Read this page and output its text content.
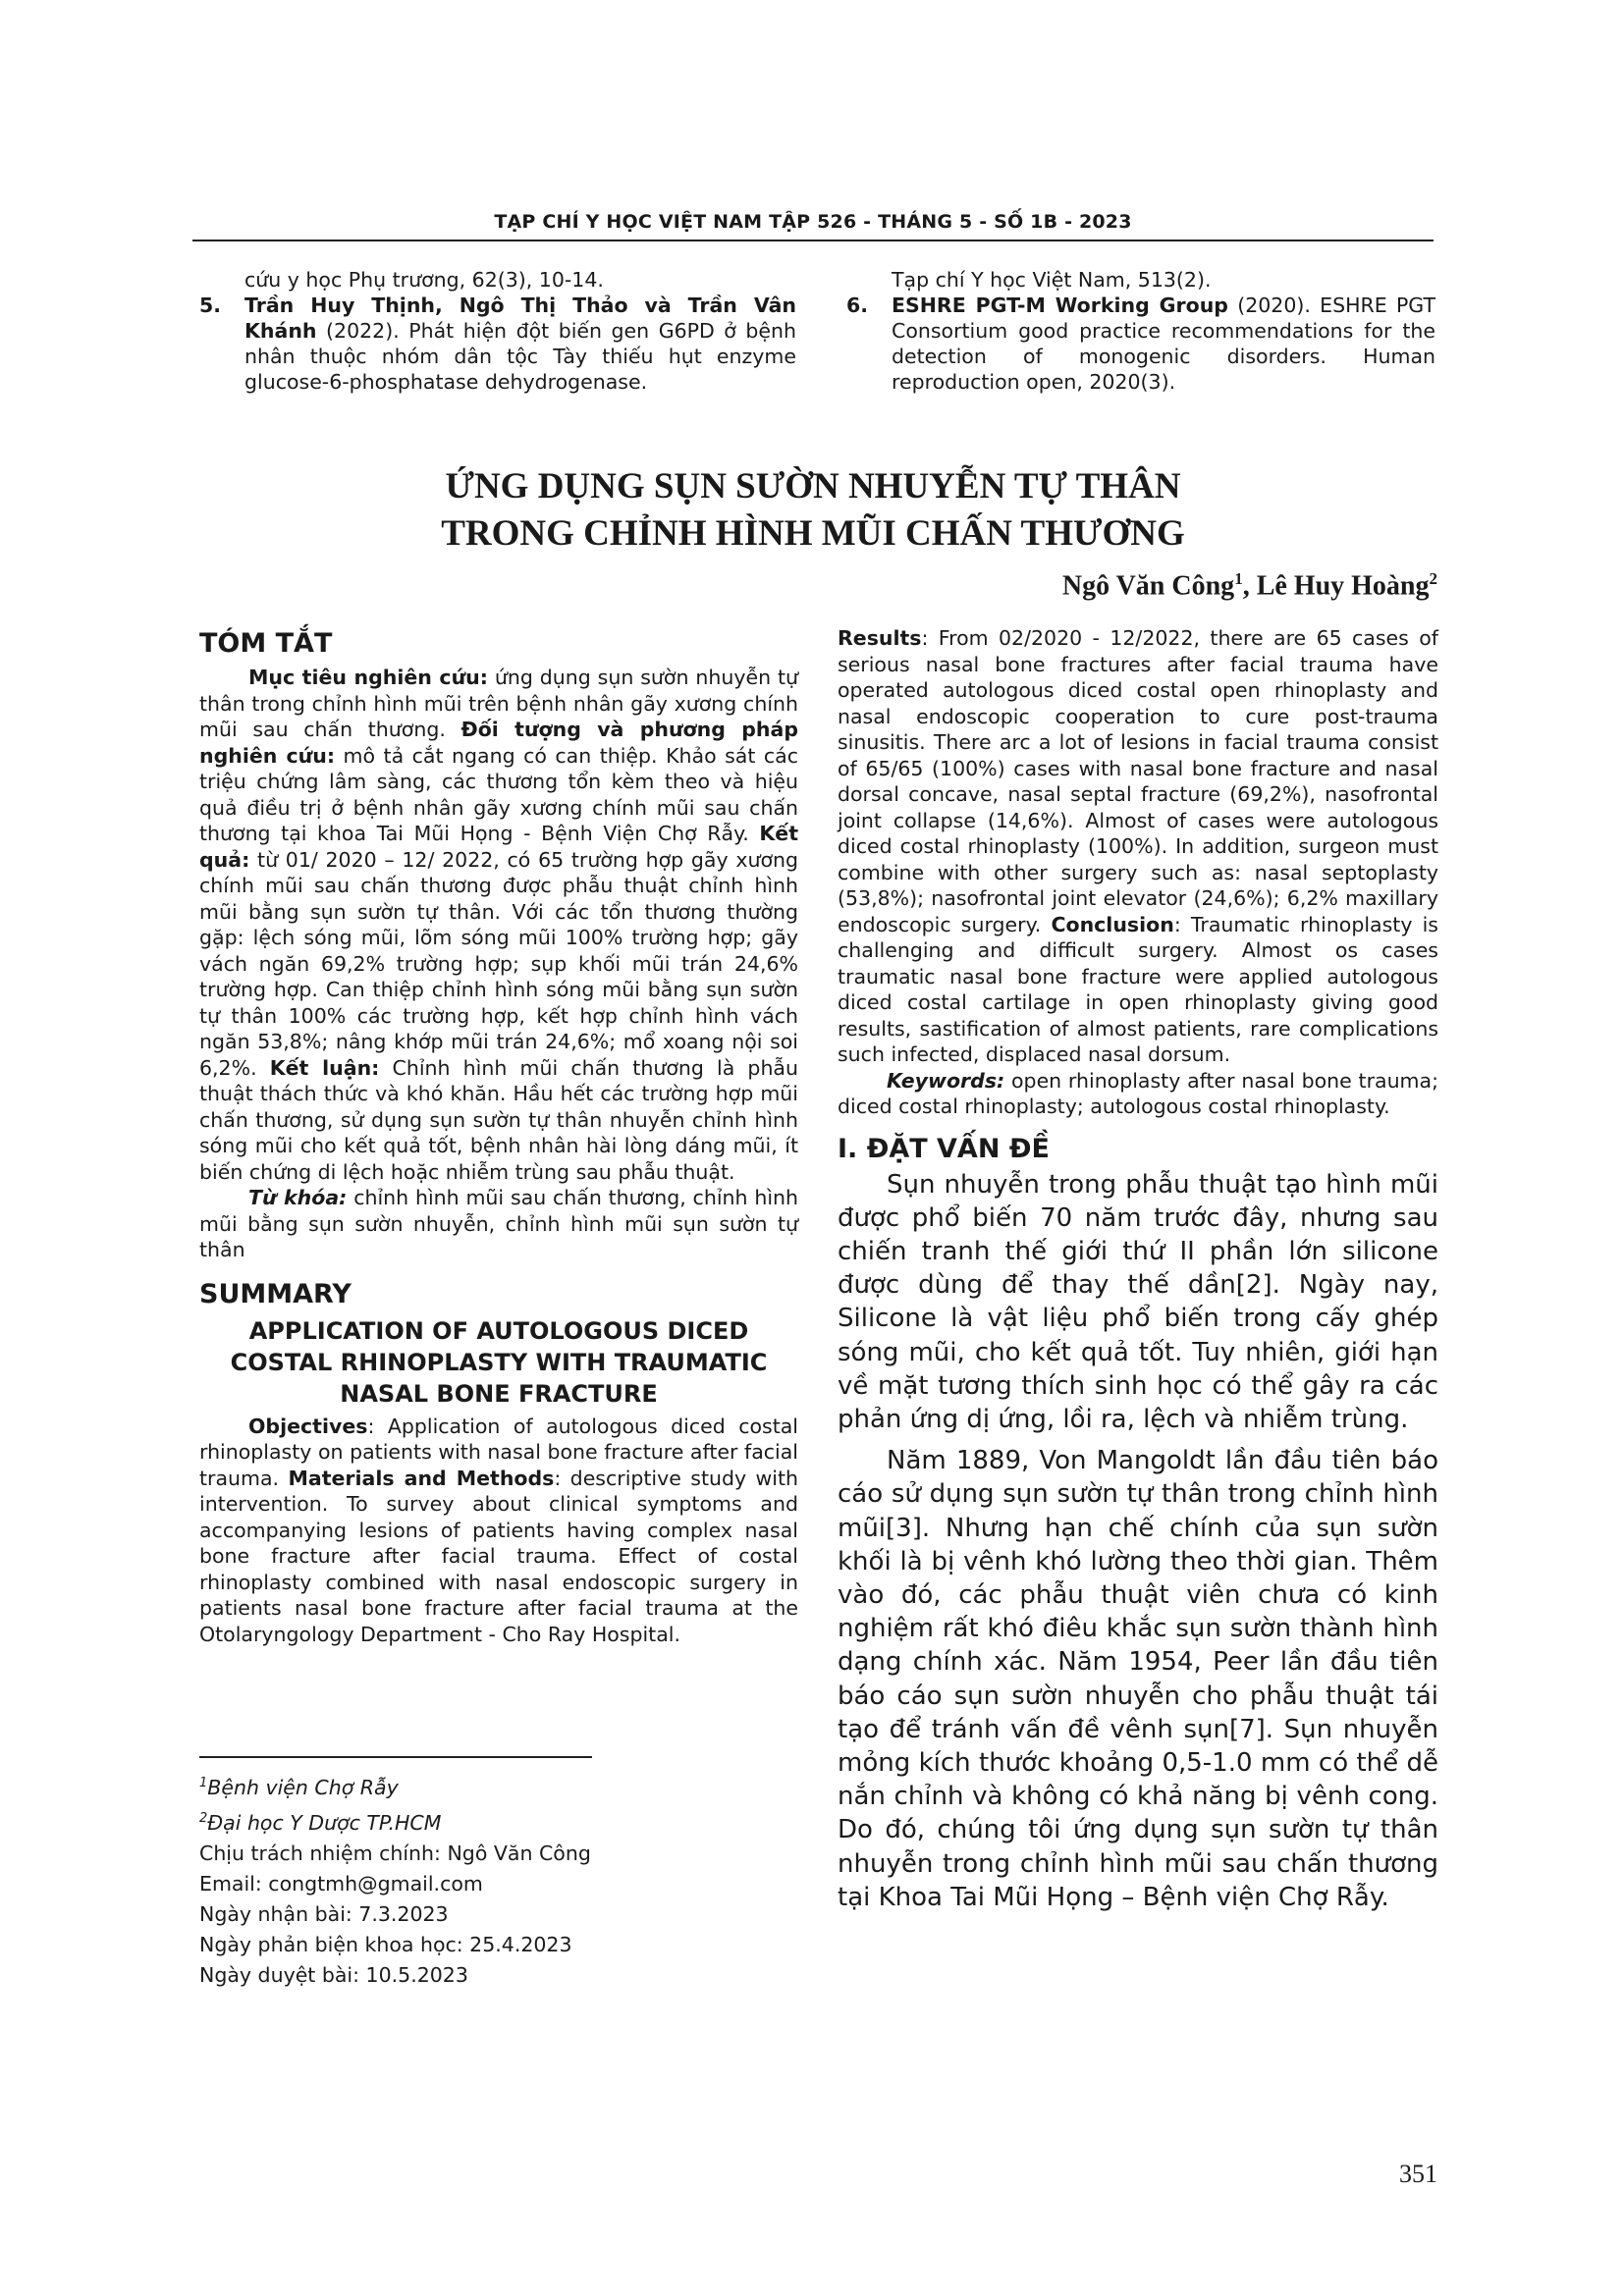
TẠP CHÍ Y HỌC VIỆT NAM TẬP 526 - THÁNG 5 - SỐ 1B - 2023
cứu y học Phụ trương, 62(3), 10-14.
5. Trần Huy Thịnh, Ngô Thị Thảo và Trần Vân Khánh (2022). Phát hiện đột biến gen G6PD ở bệnh nhân thuộc nhóm dân tộc Tày thiếu hụt enzyme glucose-6-phosphatase dehydrogenase.
Tạp chí Y học Việt Nam, 513(2).
6. ESHRE PGT-M Working Group (2020). ESHRE PGT Consortium good practice recommendations for the detection of monogenic disorders. Human reproduction open, 2020(3).
ỨNG DỤNG SỤN SƯỜN NHUYỄN TỰ THÂN
TRONG CHỈNH HÌNH MŨI CHẤN THƯƠNG
Ngô Văn Công$^1$, Lê Huy Hoàng$^2$
TÓM TẮT

Mục tiêu nghiên cứu: ứng dụng sụn sườn nhuyễn tự thân trong chỉnh hình mũi trên bệnh nhân gãy xương chính mũi sau chấn thương. Đối tượng và phương pháp nghiên cứu: mô tả cắt ngang có can thiệp. Khảo sát các triệu chứng lâm sàng, các thương tổn kèm theo và hiệu quả điều trị ở bệnh nhân gãy xương chính mũi sau chấn thương tại khoa Tai Mũi Họng - Bệnh Viện Chợ Rẫy. Kết quả: từ 01/ 2020 – 12/ 2022, có 65 trường hợp gãy xương chính mũi sau chấn thương được phẫu thuật chỉnh hình mũi bằng sụn sườn tự thân. Với các tổn thương thường gặp: lệch sóng mũi, lõm sóng mũi 100% trường hợp; gãy vách ngăn 69,2% trường hợp; sụp khối mũi trán 24,6% trường hợp. Can thiệp chỉnh hình sóng mũi bằng sụn sườn tự thân 100% các trường hợp, kết hợp chỉnh hình vách ngăn 53,8%; nâng khớp mũi trán 24,6%; mổ xoang nội soi 6,2%. Kết luận: Chỉnh hình mũi chấn thương là phẫu thuật thách thức và khó khăn. Hầu hết các trường hợp mũi chấn thương, sử dụng sụn sườn tự thân nhuyễn chỉnh hình sóng mũi cho kết quả tốt, bệnh nhân hài lòng dáng mũi, ít biến chứng di lệch hoặc nhiễm trùng sau phẫu thuật.

Từ khóa: chỉnh hình mũi sau chấn thương, chỉnh hình mũi bằng sụn sườn nhuyễn, chỉnh hình mũi sụn sườn tự thân

SUMMARY
APPLICATION OF AUTOLOGOUS DICED
COSTAL RHINOPLASTY WITH TRAUMATIC
NASAL BONE FRACTURE

Objectives: Application of autologous diced costal rhinoplasty on patients with nasal bone fracture after facial trauma. Materials and Methods: descriptive study with intervention. To survey about clinical symptoms and accompanying lesions of patients having complex nasal bone fracture after facial trauma. Effect of costal rhinoplasty combined with nasal endoscopic surgery in patients nasal bone fracture after facial trauma at the Otolaryngology Department - Cho Ray Hospital.

$^1$Bệnh viện Chợ Rẫy
$^2$Đại học Y Dược TP.HCM
Chịu trách nhiệm chính: Ngô Văn Công
Email: congtmh@gmail.com
Ngày nhận bài: 7.3.2023
Ngày phản biện khoa học: 25.4.2023
Ngày duyệt bài: 10.5.2023

Results: From 02/2020 - 12/2022, there are 65 cases of serious nasal bone fractures after facial trauma have operated autologous diced costal open rhinoplasty and nasal endoscopic cooperation to cure post-trauma sinusitis. There arc a lot of lesions in facial trauma consist of 65/65 (100%) cases with nasal bone fracture and nasal dorsal concave, nasal septal fracture (69,2%), nasofrontal joint collapse (14,6%). Almost of cases were autologous diced costal rhinoplasty (100%). In addition, surgeon must combine with other surgery such as: nasal septoplasty (53,8%); nasofrontal joint elevator (24,6%); 6,2% maxillary endoscopic surgery. Conclusion: Traumatic rhinoplasty is challenging and difficult surgery. Almost os cases traumatic nasal bone fracture were applied autologous diced costal cartilage in open rhinoplasty giving good results, sastification of almost patients, rare complications such infected, displaced nasal dorsum.

Keywords: open rhinoplasty after nasal bone trauma; diced costal rhinoplasty; autologous costal rhinoplasty.

I. ĐẶT VẤN ĐỀ

Sụn nhuyễn trong phẫu thuật tạo hình mũi được phổ biến 70 năm trước đây, nhưng sau chiến tranh thế giới thứ II phần lớn silicone được dùng để thay thế dần[2]. Ngày nay, Silicone là vật liệu phổ biến trong cấy ghép sóng mũi, cho kết quả tốt. Tuy nhiên, giới hạn về mặt tương thích sinh học có thể gây ra các phản ứng dị ứng, lồi ra, lệch và nhiễm trùng.

Năm 1889, Von Mangoldt lần đầu tiên báo cáo sử dụng sụn sườn tự thân trong chỉnh hình mũi[3]. Nhưng hạn chế chính của sụn sườn khối là bị vênh khó lường theo thời gian. Thêm vào đó, các phẫu thuật viên chưa có kinh nghiệm rất khó điêu khắc sụn sườn thành hình dạng chính xác. Năm 1954, Peer lần đầu tiên báo cáo sụn sườn nhuyễn cho phẫu thuật tái tạo để tránh vấn đề vênh sụn[7]. Sụn nhuyễn mỏng kích thước khoảng 0,5-1.0 mm có thể dễ nắn chỉnh và không có khả năng bị vênh cong. Do đó, chúng tôi ứng dụng sụn sườn tự thân nhuyễn trong chỉnh hình mũi sau chấn thương tại Khoa Tai Mũi Họng – Bệnh viện Chợ Rẫy.

351
